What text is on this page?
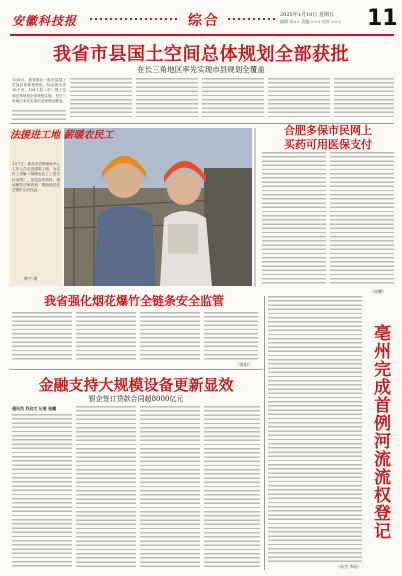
安徽科技报	综合	2025年1月10日 星期五
编辑 周×× 美编 ××× 校对 ××× 11
我省市县国土空间总体规划全部获批
在长三角地区率先实现市县规划全覆盖
1月8日，我省最后一批市县国土空间总体规划获批，标志着全省16个市、104个县（市）国土空间总体规划全部获批实施，在长三角地区率先实现市县规划全覆盖。
法援进工地 薪暖农民工
1月7日，淮北市法律援助中心工作人员走进建筑工地，为农民工讲解《保障农民工工资支付条例》，发放宣传资料，现场解答法律咨询，帮助他们依法维护合法权益。
韩宇 摄
合肥多保市民网上
买药可用医保支付
（周鹏）
我省强化烟花爆竹全链条安全监管
（陈阳）
金融支持大规模设备更新显效
银企签订贷款合同超8000亿元
通讯员 苏启文 记者 张鹏	亳州完成首例河流流权登记
（孙杰 李丽）
